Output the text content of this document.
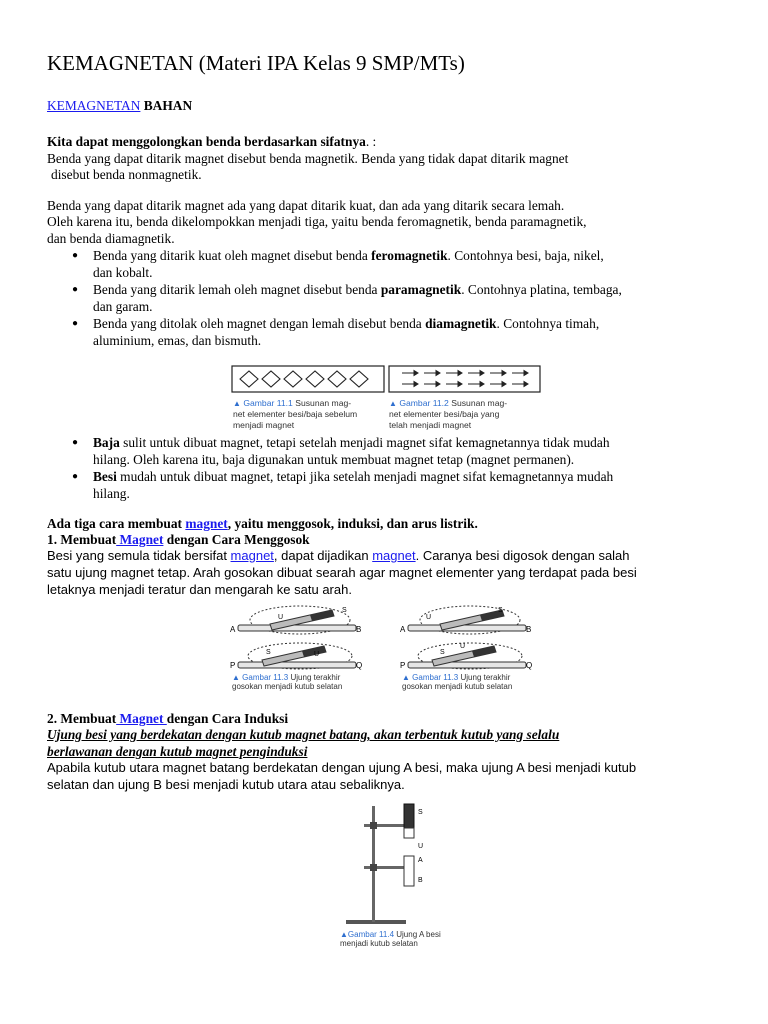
KEMAGNETAN (Materi IPA Kelas 9 SMP/MTs)
KEMAGNETAN BAHAN
Kita dapat menggolongkan benda berdasarkan sifatnya. :
Benda yang dapat ditarik magnet disebut benda magnetik. Benda yang tidak dapat ditarik magnet
disebut benda nonmagnetik.
Benda yang dapat ditarik magnet ada yang dapat ditarik kuat, dan ada yang ditarik secara lemah.
Oleh karena itu, benda dikelompokkan menjadi tiga, yaitu benda feromagnetik, benda paramagnetik,
dan benda diamagnetik.
● Benda yang ditarik kuat oleh magnet disebut benda feromagnetik. Contohnya besi, baja, nikel,
dan kobalt.
● Benda yang ditarik lemah oleh magnet disebut benda paramagnetik. Contohnya platina, tembaga,
dan garam.
● Benda yang ditolak oleh magnet dengan lemah disebut benda diamagnetik. Contohnya timah,
aluminium, emas, dan bismuth.
▲ Gambar 11.1 Susunan mag-
net elementer besi/baja sebelum
menjadi magnet
▲ Gambar 11.2 Susunan mag-
net elementer besi/baja yang
telah menjadi magnet
● Baja sulit untuk dibuat magnet, tetapi setelah menjadi magnet sifat kemagnetannya tidak mudah
hilang. Oleh karena itu, baja digunakan untuk membuat magnet tetap (magnet permanen).
● Besi mudah untuk dibuat magnet, tetapi jika setelah menjadi magnet sifat kemagnetannya mudah
hilang.
Ada tiga cara membuat magnet, yaitu menggosok, induksi, dan arus listrik.
1. Membuat Magnet dengan Cara Menggosok
Besi yang semula tidak bersifat magnet, dapat dijadikan magnet. Caranya besi digosok dengan salah
satu ujung magnet tetap. Arah gosokan dibuat searah agar magnet elementer yang terdapat pada besi
letaknya menjadi teratur dan mengarah ke satu arah.
A	B
U
S
A	B
U
S
P	Q
S	U
P	Q
S
U
▲ Gambar 11.3 Ujung terakhir
gosokan menjadi kutub selatan
▲ Gambar 11.3 Ujung terakhir
gosokan menjadi kutub selatan
2. Membuat Magnet dengan Cara Induksi
Ujung besi yang berdekatan dengan kutub magnet batang, akan terbentuk kutub yang selalu
berlawanan dengan kutub magnet penginduksi
Apabila kutub utara magnet batang berdekatan dengan ujung A besi, maka ujung A besi menjadi kutub
selatan dan ujung B besi menjadi kutub utara atau sebaliknya.
S
U
A
B
▲Gambar 11.4 Ujung A besi
menjadi kutub selatan
